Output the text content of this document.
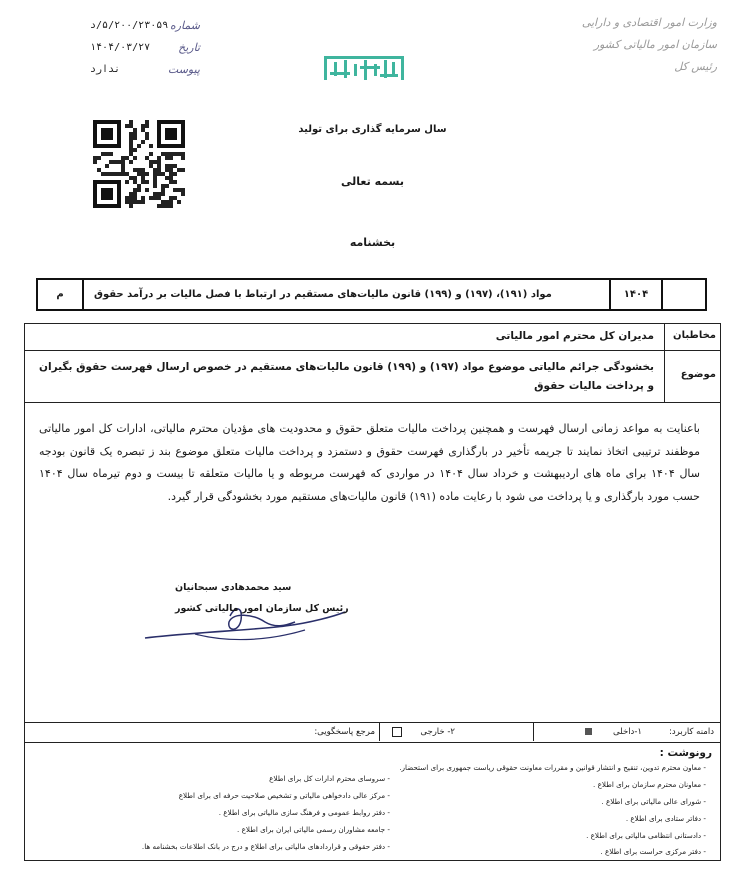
شماره
۵/۲۰۰/۲۳۰۵۹/د
تاریخ
۱۴۰۴/۰۳/۲۷
پیوست
ندارد
وزارت امور اقتصادی و دارایی
سازمان امور مالیاتی کشور
رئیس کل
سال سرمایه گذاری برای تولید
بسمه تعالی
بخشنامه
۱۴۰۴
مواد (۱۹۱)، (۱۹۷) و (۱۹۹) قانون مالیات‌های مستقیم در ارتباط با فصل مالیات بر درآمد حقوق
م
مخاطبان
مدیران کل محترم امور مالیاتی
موضوع
بخشودگی جرائم مالیاتی موضوع مواد (۱۹۷) و (۱۹۹) قانون مالیات‌های مستقیم در خصوص ارسال فهرست حقوق بگیران و پرداخت مالیات حقوق
باعنایت به مواعد زمانی ارسال فهرست و همچنین پرداخت مالیات متعلق حقوق و محدودیت های مؤدیان محترم مالیاتی، ادارات کل امور مالیاتی موظفند ترتیبی اتخاذ نمایند تا جریمه تأخیر در بارگذاری فهرست حقوق و دستمزد و پرداخت مالیات متعلق موضوع بند ز تبصره یک قانون بودجه سال ۱۴۰۴ برای ماه های اردیبهشت و خرداد سال ۱۴۰۴ در مواردی که فهرست مربوطه و یا مالیات متعلقه تا بیست و دوم تیرماه سال ۱۴۰۴ حسب مورد بارگذاری و یا پرداخت می شود با رعایت ماده (۱۹۱) قانون مالیات‌های مستقیم مورد بخشودگی قرار گیرد.
سید محمدهادی سبحانیان
رئیس کل سازمان امور مالیاتی کشور
دامنه کاربرد:
۱-داخلی
۲- خارجی
مرجع پاسخگویی:
رونوشت :
- معاون محترم تدوین، تنقیح و انتشار قوانین و مقررات معاونت حقوقی ریاست جمهوری برای استحضار.
- معاونان محترم سازمان برای اطلاع .
- شورای عالی مالیاتی برای اطلاع .
- دفاتر ستادی برای اطلاع .
- دادستانی انتظامی مالیاتی برای اطلاع .
- دفتر مرکزی حراست برای اطلاع .
- سروسای محترم ادارات کل برای اطلاع
- مرکز عالی دادخواهی مالیاتی و تشخیص صلاحیت حرفه ای برای اطلاع
- دفتر روابط عمومی و فرهنگ سازی مالیاتی برای اطلاع .
- جامعه مشاوران رسمی مالیاتی ایران برای اطلاع .
- دفتر حقوقی و قراردادهای مالیاتی برای اطلاع و درج در بانک اطلاعات بخشنامه ها.
